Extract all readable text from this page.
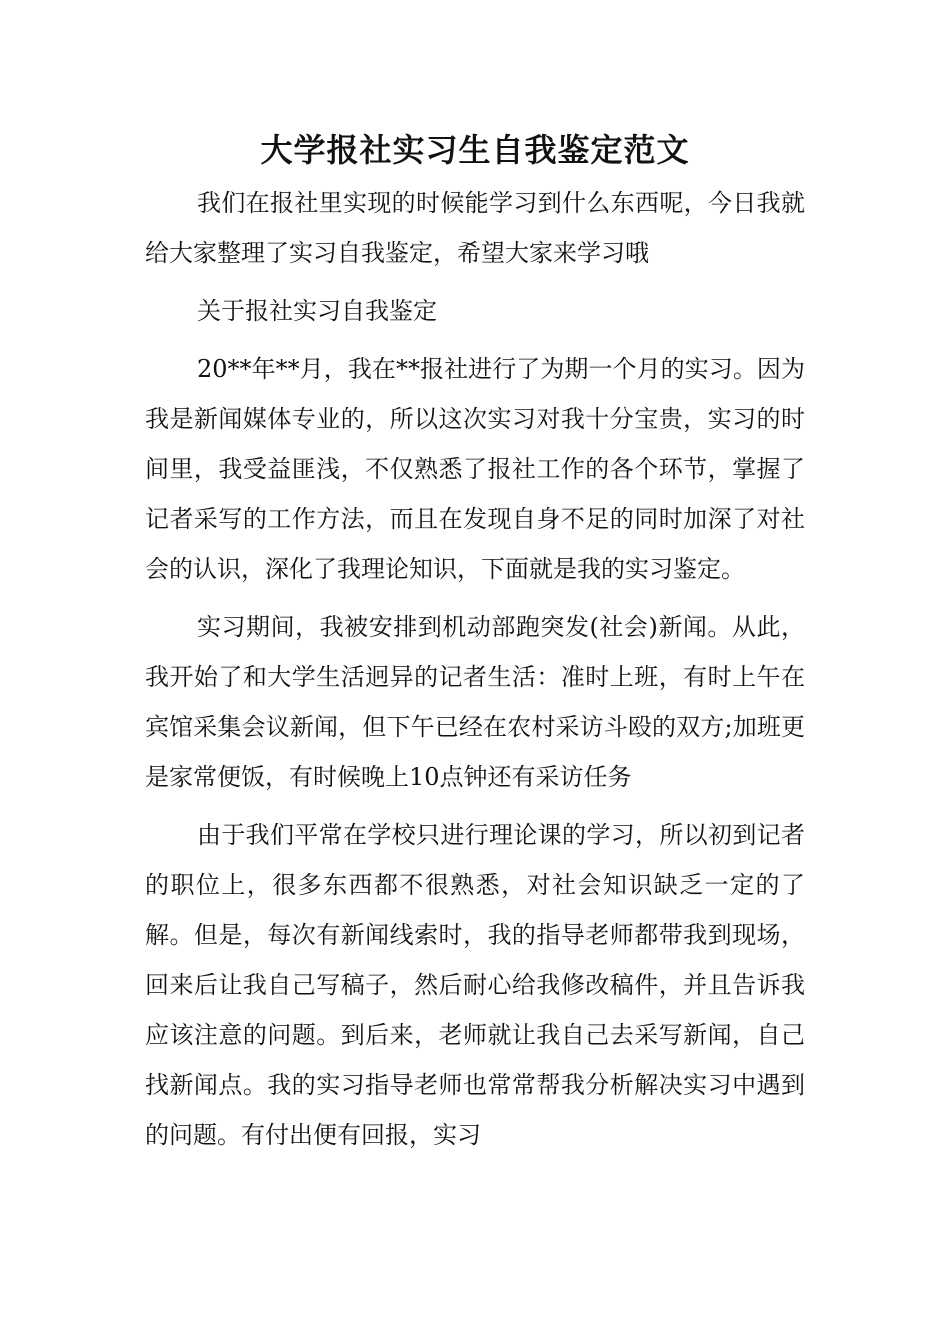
大学报社实习生自我鉴定范文

我们在报社里实现的时候能学习到什么东西呢，今日我就给大家整理了实习自我鉴定，希望大家来学习哦

关于报社实习自我鉴定

20**年**月，我在**报社进行了为期一个月的实习。因为我是新闻媒体专业的，所以这次实习对我十分宝贵，实习的时间里，我受益匪浅，不仅熟悉了报社工作的各个环节，掌握了记者采写的工作方法，而且在发现自身不足的同时加深了对社会的认识，深化了我理论知识，下面就是我的实习鉴定。

实习期间，我被安排到机动部跑突发(社会)新闻。从此，我开始了和大学生活迥异的记者生活：准时上班，有时上午在宾馆采集会议新闻，但下午已经在农村采访斗殴的双方;加班更是家常便饭，有时候晚上10点钟还有采访任务

由于我们平常在学校只进行理论课的学习，所以初到记者的职位上，很多东西都不很熟悉，对社会知识缺乏一定的了解。但是，每次有新闻线索时，我的指导老师都带我到现场，回来后让我自己写稿子，然后耐心给我修改稿件，并且告诉我应该注意的问题。到后来，老师就让我自己去采写新闻，自己找新闻点。我的实习指导老师也常常帮我分析解决实习中遇到的问题。有付出便有回报，实习
